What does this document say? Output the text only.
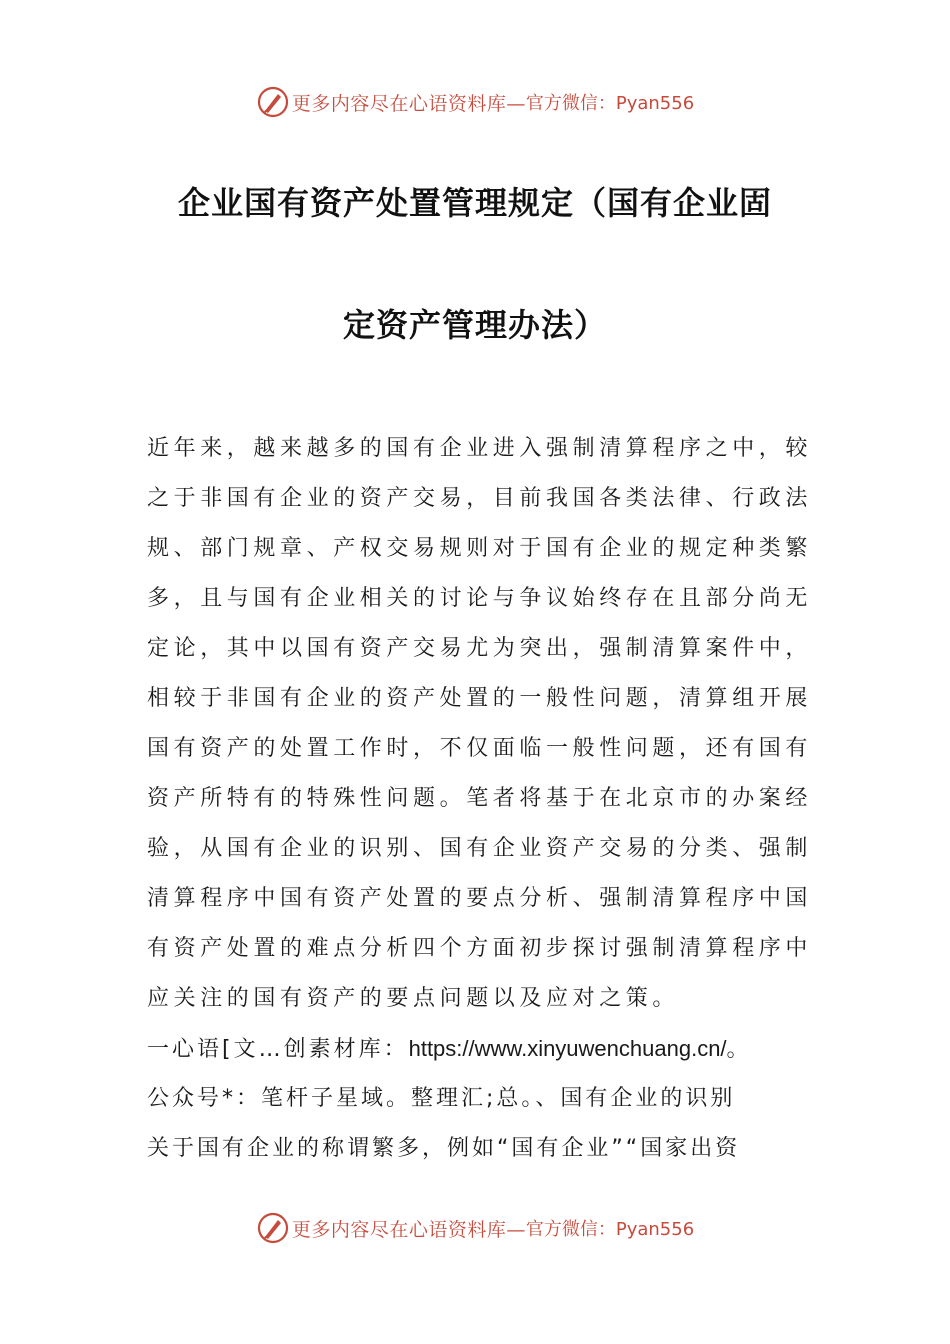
更多内容尽在心语资料库— 官方微信：Pyan556
企业国有资产处置管理规定（国有企业固
定资产管理办法）
近年来，越来越多的国有企业进入强制清算程序之中，较
之于非国有企业的资产交易，目前我国各类法律、行政法
规、部门规章、产权交易规则对于国有企业的规定种类繁
多，且与国有企业相关的讨论与争议始终存在且部分尚无
定论，其中以国有资产交易尤为突出，强制清算案件中，
相较于非国有企业的资产处置的一般性问题，清算组开展
国有资产的处置工作时，不仅面临一般性问题，还有国有
资产所特有的特殊性问题。笔者将基于在北京市的办案经
验，从国有企业的识别、国有企业资产交易的分类、强制
清算程序中国有资产处置的要点分析、强制清算程序中国
有资产处置的难点分析四个方面初步探讨强制清算程序中
应关注的国有资产的要点问题以及应对之策。
一心语[文…创素材库：https://www.xinyuwenchuang.cn/。
公众号*：笔杆子星域。整理汇;总。、国有企业的识别
关于国有企业的称谓繁多，例如“国有企业”“国家出资
更多内容尽在心语资料库— 官方微信：Pyan556
